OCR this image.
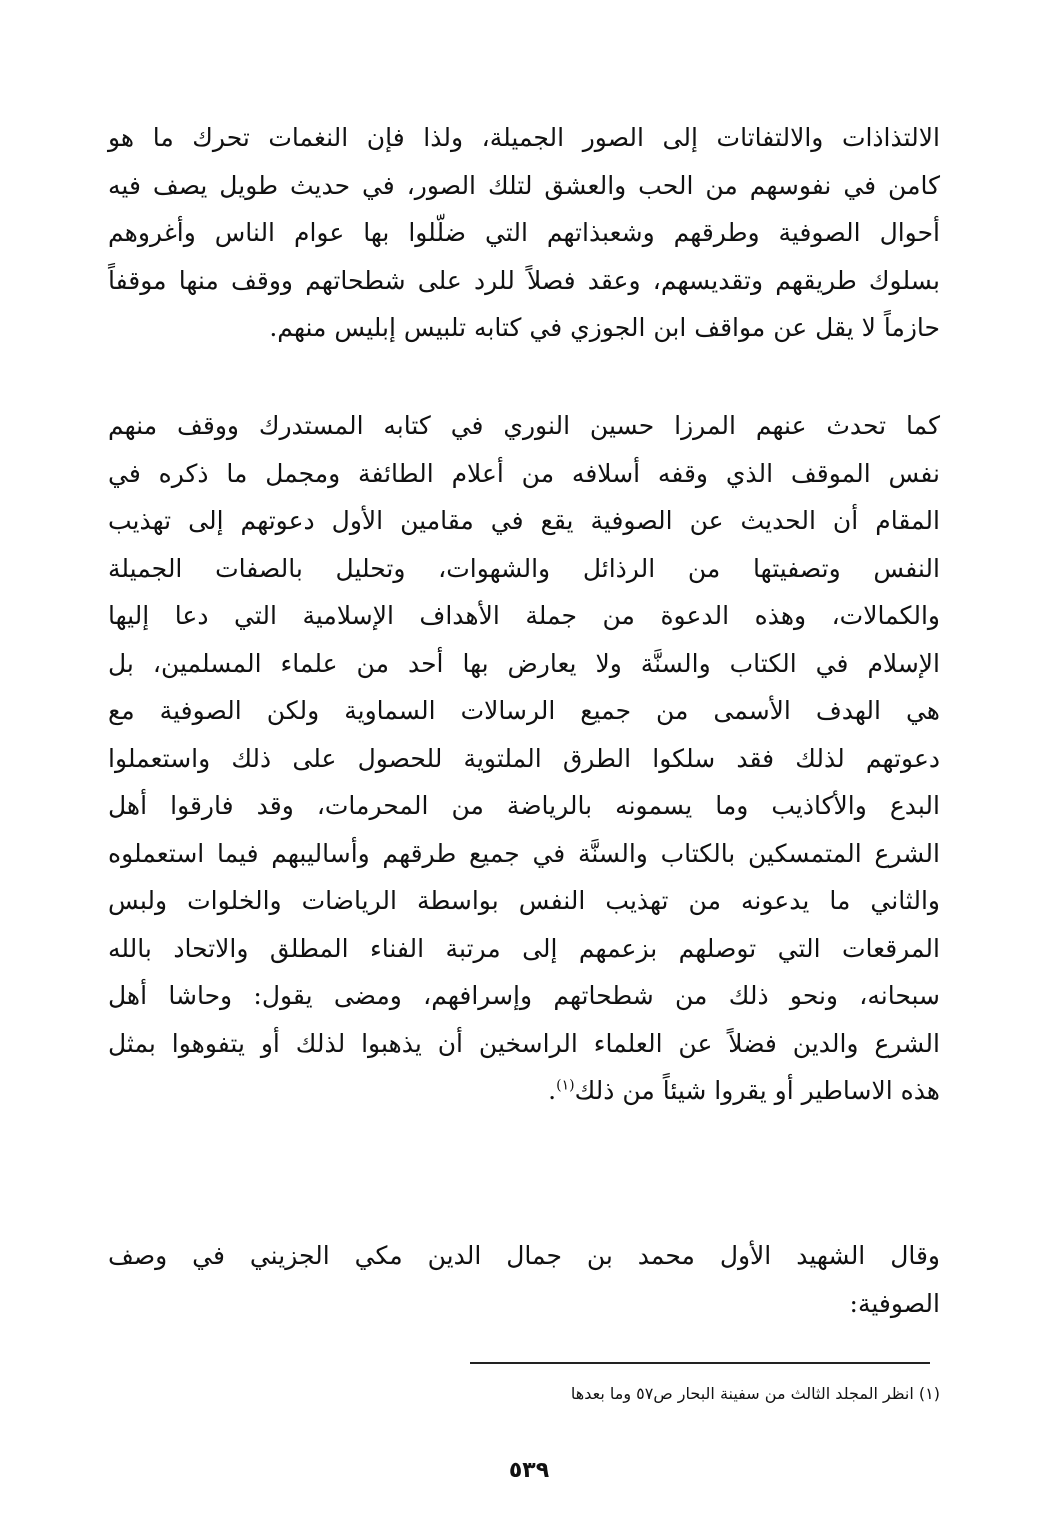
الالتذاذات والالتفاتات إلى الصور الجميلة، ولذا فإن النغمات تحرك ما هو
كامن في نفوسهم من الحب والعشق لتلك الصور، في حديث طويل يصف فيه
أحوال الصوفية وطرقهم وشعبذاتهم التي ضلّلوا بها عوام الناس وأغروهم
بسلوك طريقهم وتقديسهم، وعقد فصلاً للرد على شطحاتهم ووقف منها موقفاً
حازماً لا يقل عن مواقف ابن الجوزي في كتابه تلبيس إبليس منهم.
كما تحدث عنهم المرزا حسين النوري في كتابه المستدرك ووقف منهم
نفس الموقف الذي وقفه أسلافه من أعلام الطائفة ومجمل ما ذكره في
المقام أن الحديث عن الصوفية يقع في مقامين الأول دعوتهم إلى تهذيب
النفس وتصفيتها من الرذائل والشهوات، وتحليل بالصفات الجميلة
والكمالات، وهذه الدعوة من جملة الأهداف الإسلامية التي دعا إليها
الإسلام في الكتاب والسنَّة ولا يعارض بها أحد من علماء المسلمين، بل
هي الهدف الأسمى من جميع الرسالات السماوية ولكن الصوفية مع
دعوتهم لذلك فقد سلكوا الطرق الملتوية للحصول على ذلك واستعملوا
البدع والأكاذيب وما يسمونه بالرياضة من المحرمات، وقد فارقوا أهل
الشرع المتمسكين بالكتاب والسنَّة في جميع طرقهم وأساليبهم فيما استعملوه
والثاني ما يدعونه من تهذيب النفس بواسطة الرياضات والخلوات ولبس
المرقعات التي توصلهم بزعمهم إلى مرتبة الفناء المطلق والاتحاد بالله
سبحانه، ونحو ذلك من شطحاتهم وإسرافهم، ومضى يقول: وحاشا أهل
الشرع والدين فضلاً عن العلماء الراسخين أن يذهبوا لذلك أو يتفوهوا بمثل
هذه الاساطير أو يقروا شيئاً من ذلك$^{(١)}$.
وقال الشهيد الأول محمد بن جمال الدين مكي الجزيني في وصف
الصوفية:
(١) انظر المجلد الثالث من سفينة البحار ص٥٧ وما بعدها
٥٣٩
